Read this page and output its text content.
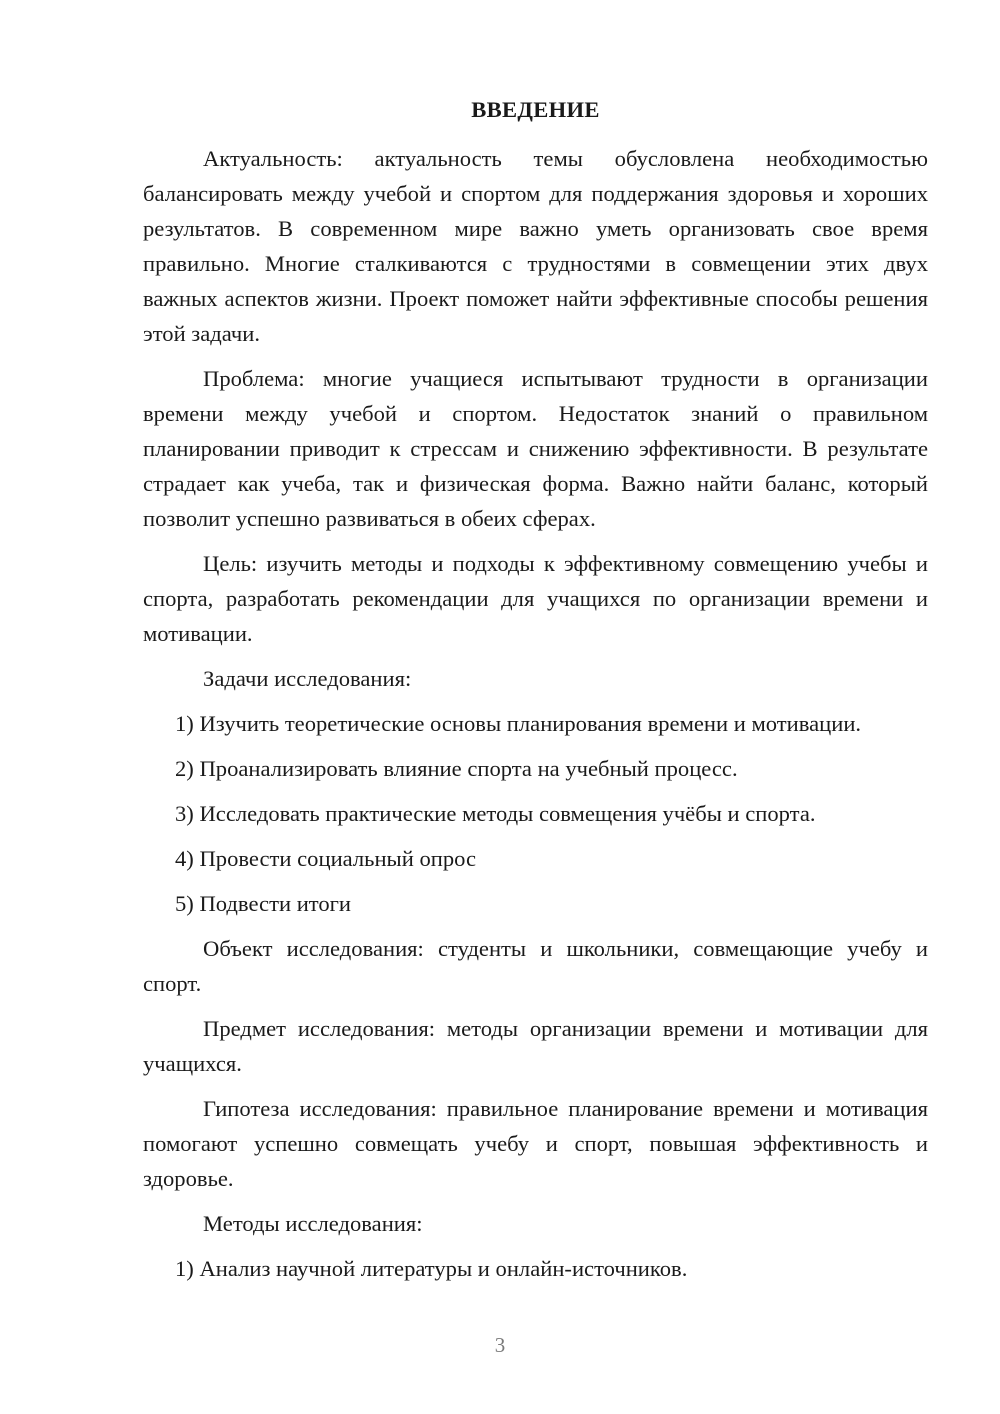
ВВЕДЕНИЕ

Актуальность: актуальность темы обусловлена необходимостью балансировать между учебой и спортом для поддержания здоровья и хороших результатов. В современном мире важно уметь организовать свое время правильно. Многие сталкиваются с трудностями в совмещении этих двух важных аспектов жизни. Проект поможет найти эффективные способы решения этой задачи.

Проблема: многие учащиеся испытывают трудности в организации времени между учебой и спортом. Недостаток знаний о правильном планировании приводит к стрессам и снижению эффективности. В результате страдает как учеба, так и физическая форма. Важно найти баланс, который позволит успешно развиваться в обеих сферах.

Цель: изучить методы и подходы к эффективному совмещению учебы и спорта, разработать рекомендации для учащихся по организации времени и мотивации.

Задачи исследования:

1) Изучить теоретические основы планирования времени и мотивации.
2) Проанализировать влияние спорта на учебный процесс.
3) Исследовать практические методы совмещения учёбы и спорта.
4) Провести социальный опрос
5) Подвести итоги

Объект исследования: студенты и школьники, совмещающие учебу и спорт.

Предмет исследования: методы организации времени и мотивации для учащихся.

Гипотеза исследования: правильное планирование времени и мотивация помогают успешно совмещать учебу и спорт, повышая эффективность и здоровье.

Методы исследования:

1) Анализ научной литературы и онлайн-источников.
3
